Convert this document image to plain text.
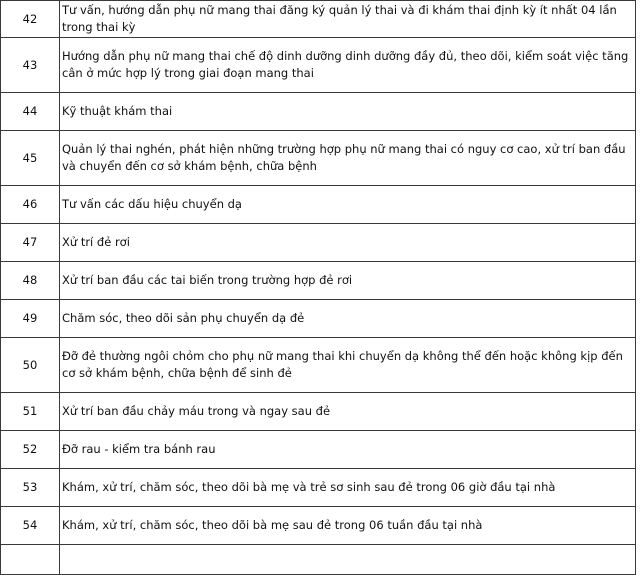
42	Tư vấn, hướng dẫn phụ nữ mang thai đăng ký quản lý thai và đi khám thai định kỳ ít nhất 04 lần trong thai kỳ
43	Hướng dẫn phụ nữ mang thai chế độ dinh dưỡng dinh dưỡng đầy đủ, theo dõi, kiểm soát việc tăng cân ở mức hợp lý trong giai đoạn mang thai
44	Kỹ thuật khám thai
45	Quản lý thai nghén, phát hiện những trường hợp phụ nữ mang thai có nguy cơ cao, xử trí ban đầu và chuyển đến cơ sở khám bệnh, chữa bệnh
46	Tư vấn các dấu hiệu chuyển dạ
47	Xử trí đẻ rơi
48	Xử trí ban đầu các tai biến trong trường hợp đẻ rơi
49	Chăm sóc, theo dõi sản phụ chuyển dạ đẻ
50	Đỡ đẻ thường ngôi chỏm cho phụ nữ mang thai khi chuyển dạ không thể đến hoặc không kịp đến cơ sở khám bệnh, chữa bệnh để sinh đẻ
51	Xử trí ban đầu chảy máu trong và ngay sau đẻ
52	Đỡ rau - kiểm tra bánh rau
53	Khám, xử trí, chăm sóc, theo dõi bà mẹ và trẻ sơ sinh sau đẻ trong 06 giờ đầu tại nhà
54	Khám, xử trí, chăm sóc, theo dõi bà mẹ sau đẻ trong 06 tuần đầu tại nhà
